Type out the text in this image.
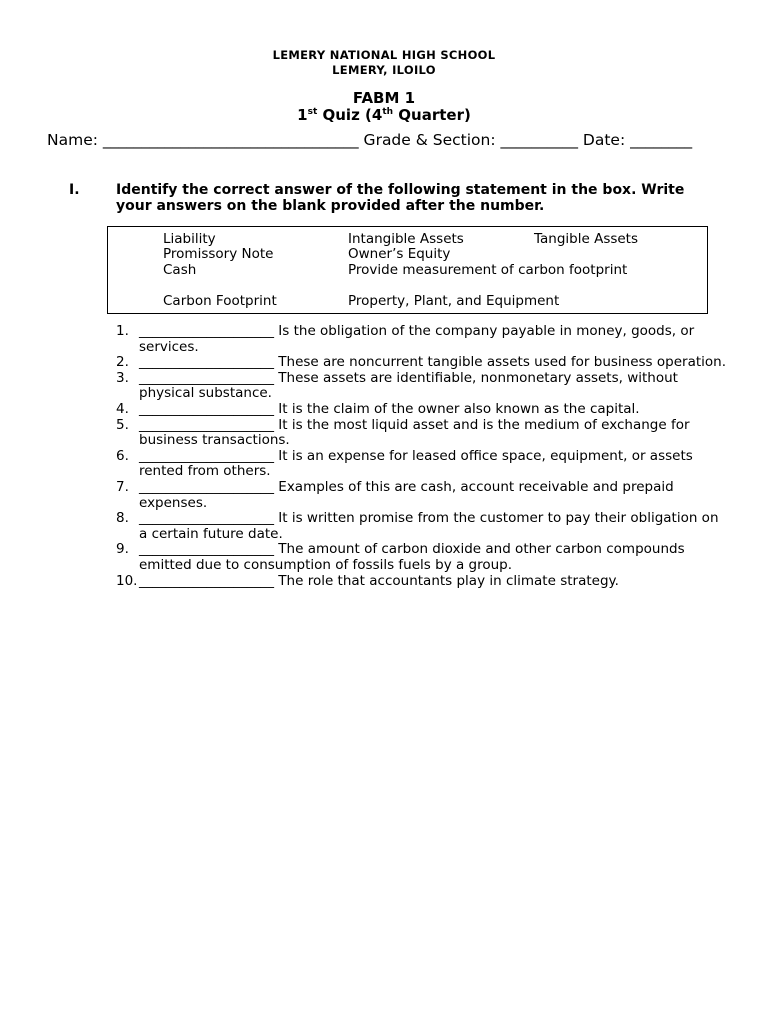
LEMERY NATIONAL HIGH SCHOOL
LEMERY, ILOILO
FABM 1
1st Quiz (4th Quarter)
Name: _________________________________ Grade & Section: __________ Date: ________
I.	Identify the correct answer of the following statement in the box. Write your answers on the blank provided after the number.
Liability	Intangible Assets	Tangible Assets
Promissory Note	Owner’s Equity
Cash	Provide measurement of carbon footprint
Carbon Footprint	Property, Plant, and Equipment
1. ____________________ Is the obligation of the company payable in money, goods, or services.
2. ____________________ These are noncurrent tangible assets used for business operation.
3. ____________________ These assets are identifiable, nonmonetary assets, without physical substance.
4. ____________________ It is the claim of the owner also known as the capital.
5. ____________________ It is the most liquid asset and is the medium of exchange for business transactions.
6. ____________________ It is an expense for leased office space, equipment, or assets rented from others.
7. ____________________ Examples of this are cash, account receivable and prepaid expenses.
8. ____________________ It is written promise from the customer to pay their obligation on a certain future date.
9. ____________________ The amount of carbon dioxide and other carbon compounds emitted due to consumption of fossils fuels by a group.
10. ____________________ The role that accountants play in climate strategy.
